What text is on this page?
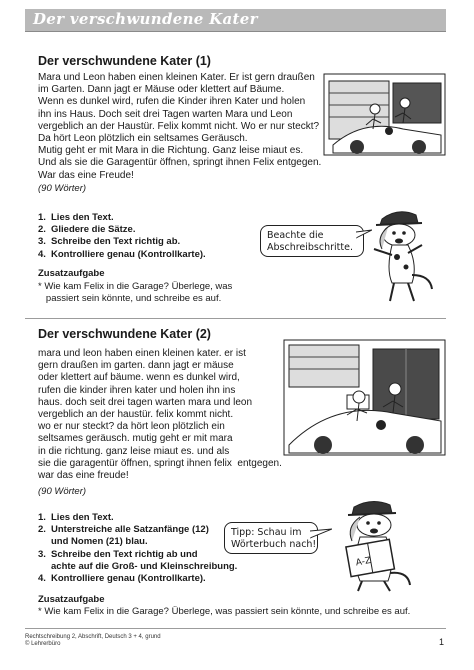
Der verschwundene Kater
Der verschwundene Kater (1)
Mara und Leon haben einen kleinen Kater. Er ist gern draußen
im Garten. Dann jagt er Mäuse oder klettert auf Bäume.
Wenn es dunkel wird, rufen die Kinder ihren Kater und holen
ihn ins Haus. Doch seit drei Tagen warten Mara und Leon
vergeblich an der Haustür. Felix kommt nicht. Wo er nur steckt?
Da hört Leon plötzlich ein seltsames Geräusch.
Mutig geht er mit Mara in die Richtung. Ganz leise miaut es.
Und als sie die Garagentür öffnen, springt ihnen Felix entgegen.
War das eine Freude!
(90 Wörter)
1. Lies den Text.
2. Gliedere die Sätze.
3. Schreibe den Text richtig ab.
4. Kontrolliere genau (Kontrollkarte).
Beachte die
Abschreibschritte.
Zusatzaufgabe
* Wie kam Felix in die Garage? Überlege, was
passiert sein könnte, und schreibe es auf.
Der verschwundene Kater (2)
mara und leon haben einen kleinen kater. er ist
gern draußen im garten. dann jagt er mäuse
oder klettert auf bäume. wenn es dunkel wird,
rufen die kinder ihren kater und holen ihn ins
haus. doch seit drei tagen warten mara und leon
vergeblich an der haustür. felix kommt nicht.
wo er nur steckt? da hört leon plötzlich ein
seltsames geräusch. mutig geht er mit mara
in die richtung. ganz leise miaut es. und als
sie die garagentür öffnen, springt ihnen felix  entgegen.
war das eine freude!
(90 Wörter)
1. Lies den Text.
2. Unterstreiche alle Satzanfänge (12)
und Nomen (21) blau.
3. Schreibe den Text richtig ab und
achte auf die Groß- und Kleinschreibung.
4. Kontrolliere genau (Kontrollkarte).
Tipp: Schau im
Wörterbuch nach!
A-Z
Zusatzaufgabe
* Wie kam Felix in die Garage? Überlege, was passiert sein könnte, und schreibe es auf.
Rechtschreibung 2, Abschrift, Deutsch 3 + 4, grund
© Lehrerbüro	1
